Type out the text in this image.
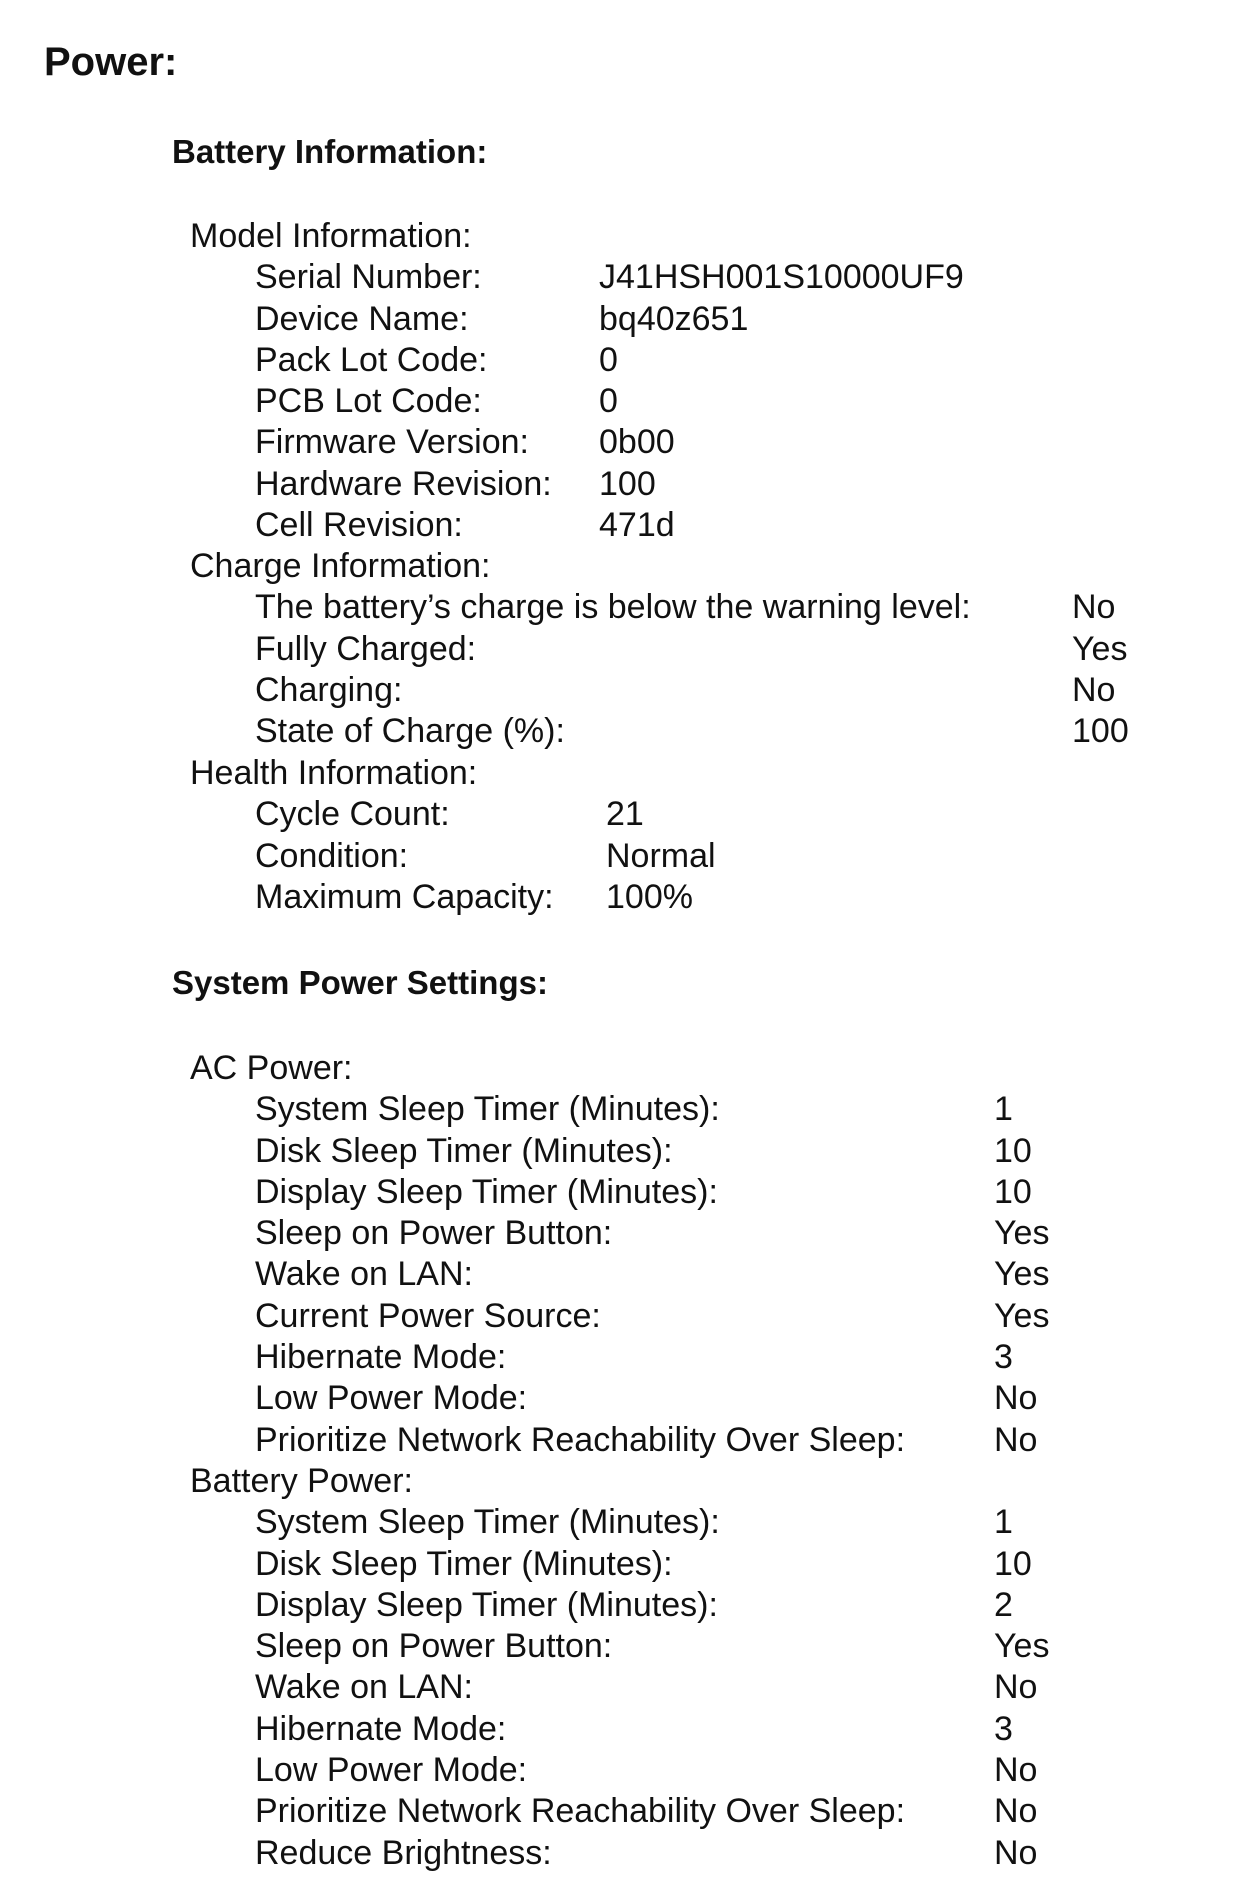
Power:
Battery Information:
Model Information:
Serial Number:	J41HSH001S10000UF9
Device Name:	bq40z651
Pack Lot Code:	0
PCB Lot Code:	0
Firmware Version: 0b00
Hardware Revision: 100
Cell Revision:	471d
Charge Information:
The battery’s charge is below the warning level:	No
Fully Charged:	Yes
Charging:	No
State of Charge (%):	100
Health Information:
Cycle Count:	21
Condition:	Normal
Maximum Capacity: 100%
System Power Settings:
AC Power:
System Sleep Timer (Minutes):	1
Disk Sleep Timer (Minutes):	10
Display Sleep Timer (Minutes):	10
Sleep on Power Button:	Yes
Wake on LAN:	Yes
Current Power Source:	Yes
Hibernate Mode:	3
Low Power Mode:	No
Prioritize Network Reachability Over Sleep:	No
Battery Power:
System Sleep Timer (Minutes):	1
Disk Sleep Timer (Minutes):	10
Display Sleep Timer (Minutes):	2
Sleep on Power Button:	Yes
Wake on LAN:	No
Hibernate Mode:	3
Low Power Mode:	No
Prioritize Network Reachability Over Sleep:	No
Reduce Brightness:	No
